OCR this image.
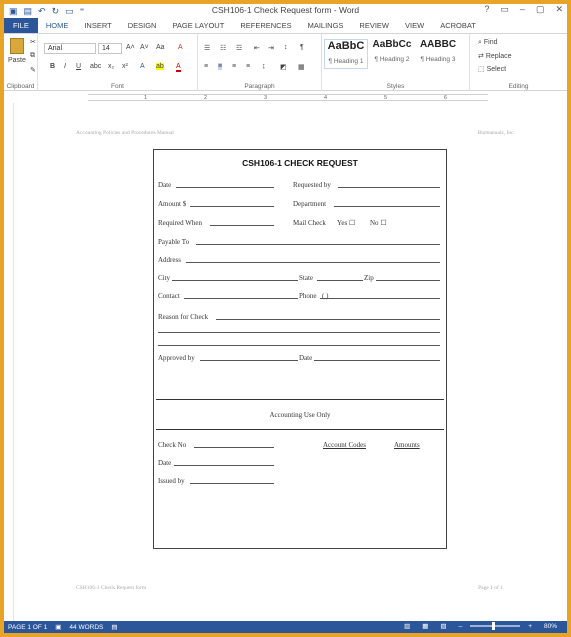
▣ ▤ ↶ ↻ ▭ ⁼	CSH106-1 Check Request form - Word	? ▭ – ▢ ✕
FILE	HOME	INSERT	DESIGN	PAGE LAYOUT	REFERENCES	MAILINGS	REVIEW	VIEW	ACROBAT
Paste
✂
⧉
✎
Clipboard
Arial	14	A˄ A˅ Aa A
B I U abc x₂ x² A ab A
Font
☰ ☷ ☲ ⇤ ⇥ ↕ ¶
≡ ≡ ≡ ≡ ↨ ◩ ▦
Paragraph
AaBbC
¶ Heading 1
AaBbCc
¶ Heading 2
AABBC
¶ Heading 3
Styles
⌕ Find
⇄ Replace
⬚ Select
Editing
1	2	3	4	5	6
Accounting Policies and Procedures Manual	Bizmanualz, Inc.
CSH106-1 Check Request form	Page 1 of 1
CSH106-1 CHECK REQUEST
Date	Requested by
Amount $	Department
Required When	Mail Check Yes ☐ No ☐
Payable To
Address
City	State	Zip
Contact	Phone ( )
Reason for Check
Approved by	Date
Accounting Use Only
Check No	Account Codes	Amounts
Date
Issued by
PAGE 1 OF 1	▣	44 WORDS	▤	▥	▦	▧	–	+	80%
